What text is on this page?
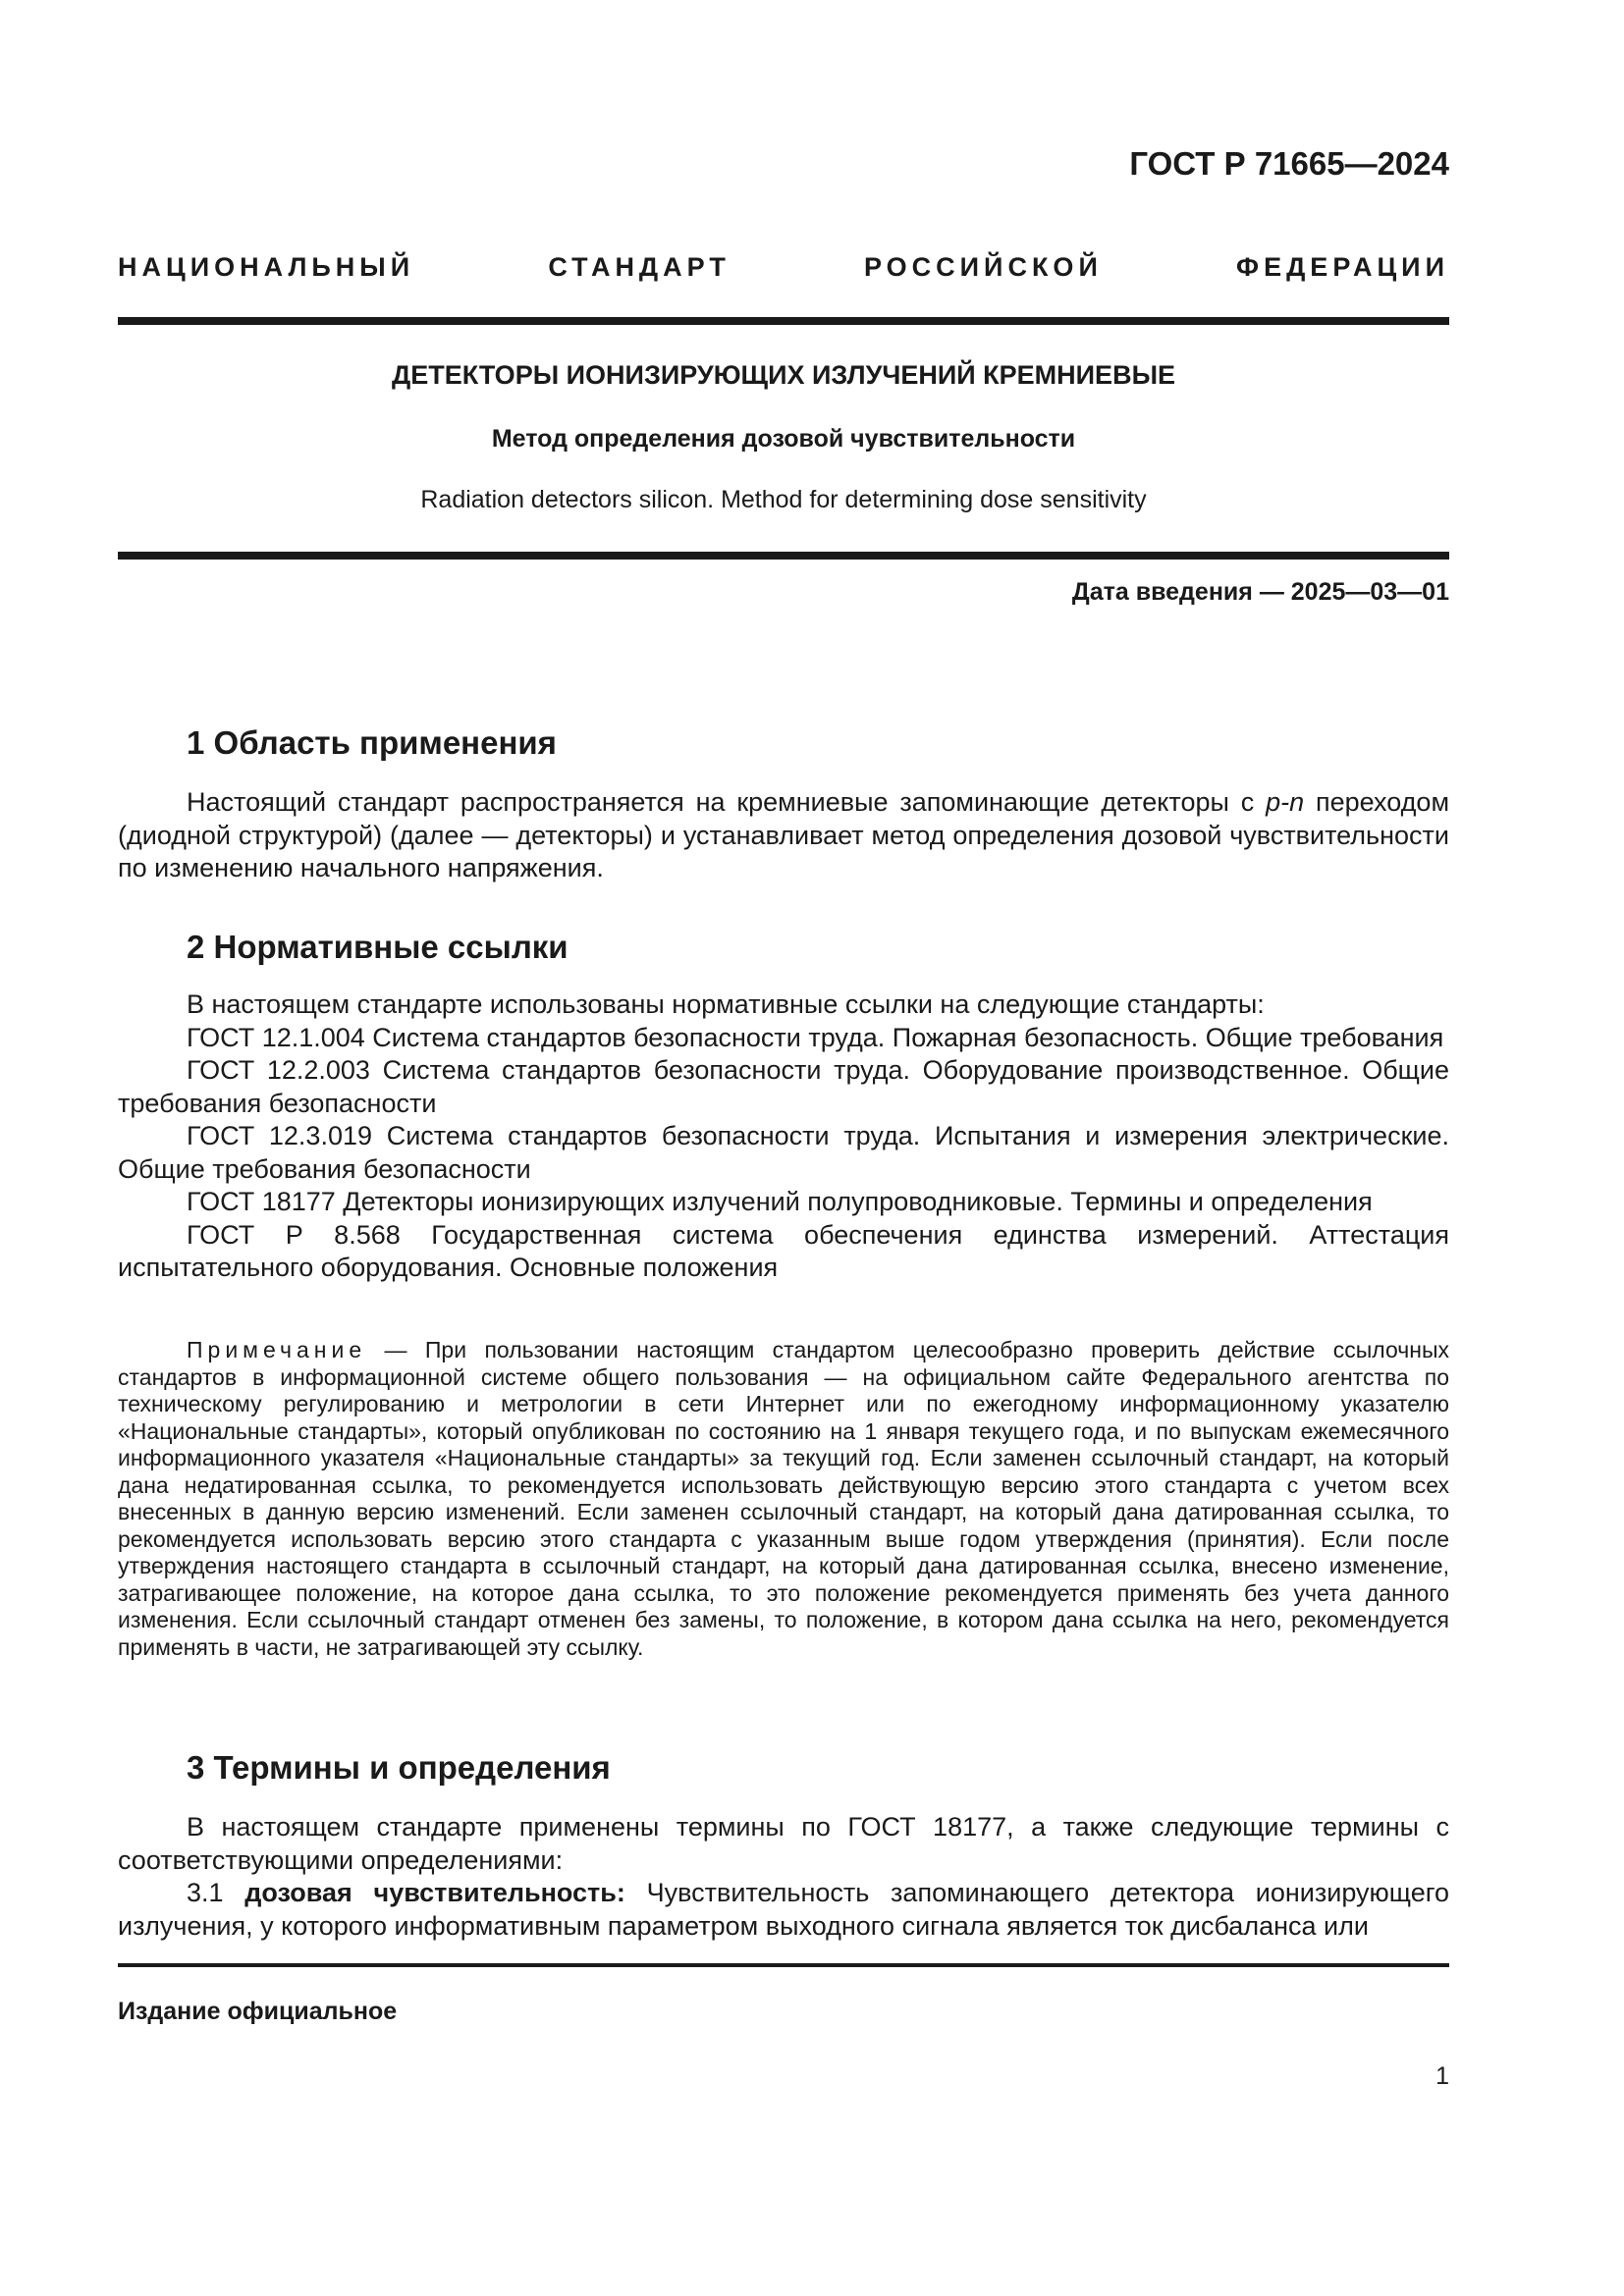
ГОСТ Р 71665—2024
НАЦИОНАЛЬНЫЙ СТАНДАРТ РОССИЙСКОЙ ФЕДЕРАЦИИ
ДЕТЕКТОРЫ ИОНИЗИРУЮЩИХ ИЗЛУЧЕНИЙ КРЕМНИЕВЫЕ
Метод определения дозовой чувствительности
Radiation detectors silicon. Method for determining dose sensitivity
Дата введения — 2025—03—01
1 Область применения

Настоящий стандарт распространяется на кремниевые запоминающие детекторы с p-n переходом (диодной структурой) (далее — детекторы) и устанавливает метод определения дозовой чувствительности по изменению начального напряжения.

2 Нормативные ссылки

В настоящем стандарте использованы нормативные ссылки на следующие стандарты:

ГОСТ 12.1.004 Система стандартов безопасности труда. Пожарная безопасность. Общие требования

ГОСТ 12.2.003 Система стандартов безопасности труда. Оборудование производственное. Общие требования безопасности

ГОСТ 12.3.019 Система стандартов безопасности труда. Испытания и измерения электрические. Общие требования безопасности

ГОСТ 18177 Детекторы ионизирующих излучений полупроводниковые. Термины и определения

ГОСТ Р 8.568 Государственная система обеспечения единства измерений. Аттестация испытательного оборудования. Основные положения

Примечание — При пользовании настоящим стандартом целесообразно проверить действие ссылочных стандартов в информационной системе общего пользования — на официальном сайте Федерального агентства по техническому регулированию и метрологии в сети Интернет или по ежегодному информационному указателю «Национальные стандарты», который опубликован по состоянию на 1 января текущего года, и по выпускам ежемесячного информационного указателя «Национальные стандарты» за текущий год. Если заменен ссылочный стандарт, на который дана недатированная ссылка, то рекомендуется использовать действующую версию этого стандарта с учетом всех внесенных в данную версию изменений. Если заменен ссылочный стандарт, на который дана датированная ссылка, то рекомендуется использовать версию этого стандарта с указанным выше годом утверждения (принятия). Если после утверждения настоящего стандарта в ссылочный стандарт, на который дана датированная ссылка, внесено изменение, затрагивающее положение, на которое дана ссылка, то это положение рекомендуется применять без учета данного изменения. Если ссылочный стандарт отменен без замены, то положение, в котором дана ссылка на него, рекомендуется применять в части, не затрагивающей эту ссылку.

3 Термины и определения

В настоящем стандарте применены термины по ГОСТ 18177, а также следующие термины с соответствующими определениями:

3.1 дозовая чувствительность: Чувствительность запоминающего детектора ионизирующего излучения, у которого информативным параметром выходного сигнала является ток дисбаланса или

Издание официальное
1
